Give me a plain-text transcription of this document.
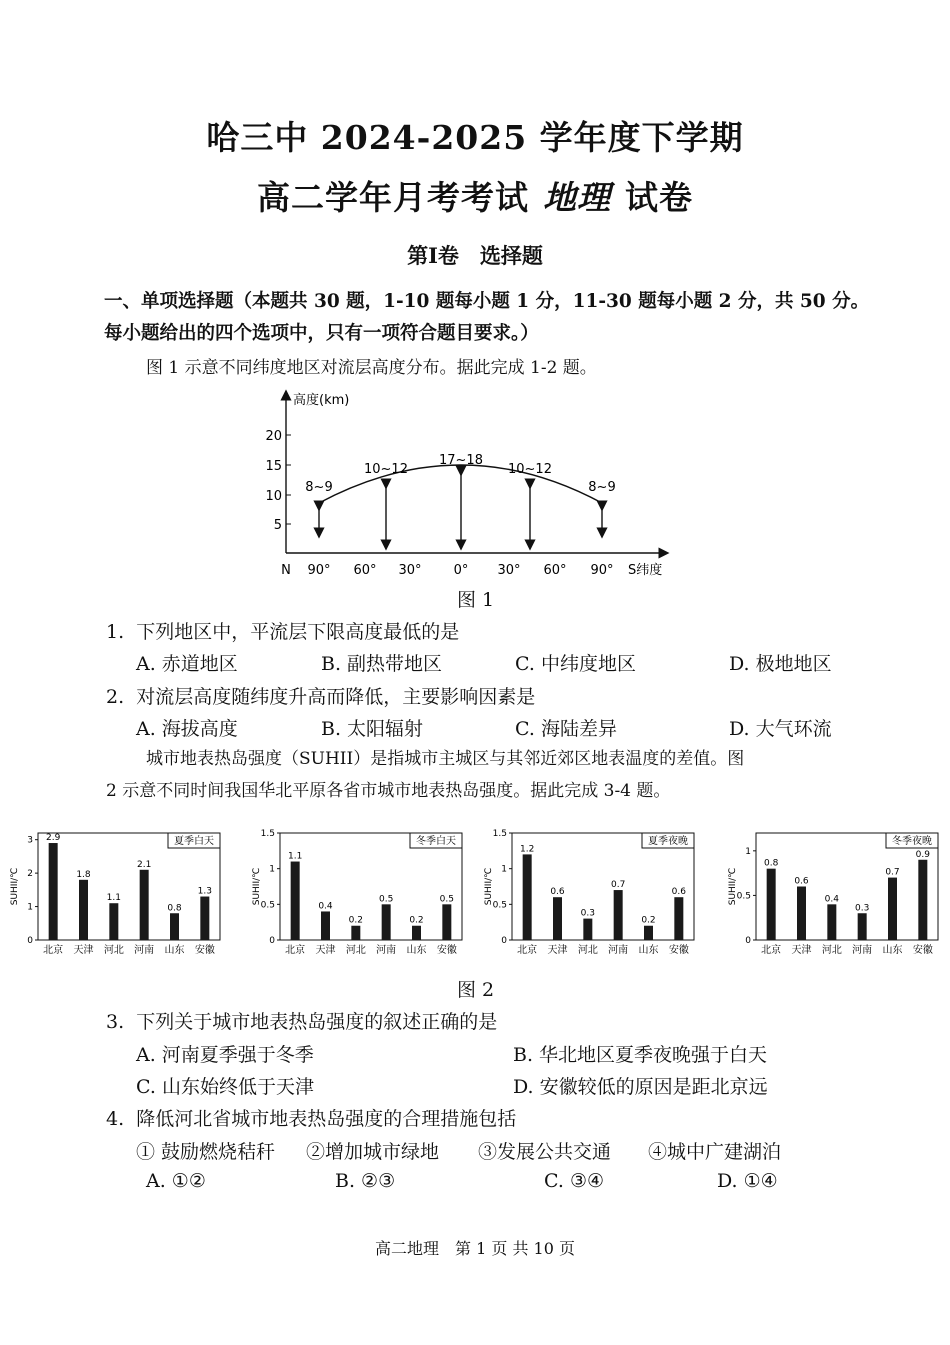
哈三中 2024-2025 学年度下学期
高二学年月考考试 地理 试卷
第Ⅰ卷　选择题
一、单项选择题（本题共 30 题，1-10 题每小题 1 分，11-30 题每小题 2 分，共 50 分。
每小题给出的四个选项中，只有一项符合题目要求。）
图 1 示意不同纬度地区对流层高度分布。据此完成 1-2 题。
高度(km)
20
15
10
5
N 90° 60° 30° 0° 30° 60° 90° S纬度
8~9
10~12
17~18
10~12
8~9
图 1
1. 下列地区中，平流层下限高度最低的是
A. 赤道地区	B. 副热带地区	C. 中纬度地区	D. 极地地区
2. 对流层高度随纬度升高而降低，主要影响因素是
A. 海拔高度	B. 太阳辐射	C. 海陆差异	D. 大气环流
城市地表热岛强度（SUHII）是指城市主城区与其邻近郊区地表温度的差值。图
2 示意不同时间我国华北平原各省市城市地表热岛强度。据此完成 3-4 题。
0
1
2
3
SUHII/℃
夏季白天
2.9
北京
1.8
天津
1.1
河北
2.1
河南
0.8
山东
1.3
安徽
0
0.5
1
1.5
SUHII/℃
冬季白天
1.1
北京
0.4
天津
0.2
河北
0.5
河南
0.2
山东
0.5
安徽
0
0.5
1
1.5
SUHII/℃
夏季夜晚
1.2
北京
0.6
天津
0.3
河北
0.7
河南
0.2
山东
0.6
安徽
0
0.5
1
SUHII/℃
冬季夜晚
0.8
北京
0.6
天津
0.4
河北
0.3
河南
0.7
山东
0.9
安徽
图 2
3. 下列关于城市地表热岛强度的叙述正确的是
A. 河南夏季强于冬季	B. 华北地区夏季夜晚强于白天
C. 山东始终低于天津	D. 安徽较低的原因是距北京远
4. 降低河北省城市地表热岛强度的合理措施包括
① 鼓励燃烧秸秆 ②增加城市绿地 ③发展公共交通 ④城中广建湖泊
A. ①②	B. ②③	C. ③④	D. ①④
高二地理　第 1 页 共 10 页
